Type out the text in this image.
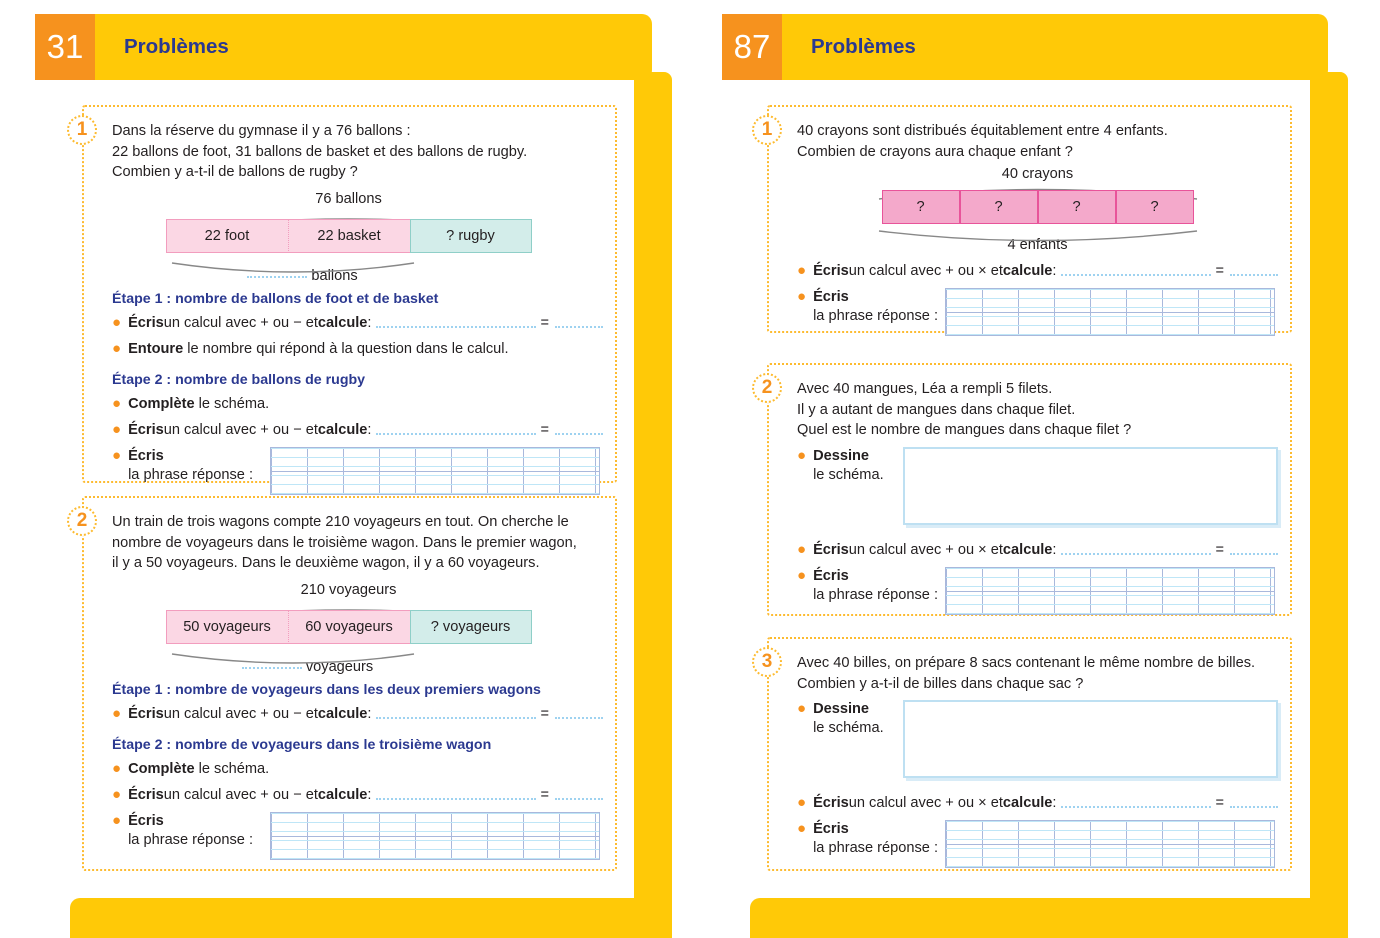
31	Problèmes
1	Dans la réserve du gymnase il y a 76 ballons :
22 ballons de foot, 31 ballons de basket et des ballons de rugby.
Combien y a-t-il de ballons de rugby ?
76 ballons
22 foot	22 basket	? rugby
ballons
Étape 1 : nombre de ballons de foot et de basket
● Écris un calcul avec + ou − et calcule :	=
● Entoure le nombre qui répond à la question dans le calcul.
Étape 2 : nombre de ballons de rugby
● Complète le schéma.
● Écris un calcul avec + ou − et calcule :	=
● Écris
la phrase réponse :
2	Un train de trois wagons compte 210 voyageurs en tout. On cherche le
nombre de voyageurs dans le troisième wagon. Dans le premier wagon,
il y a 50 voyageurs. Dans le deuxième wagon, il y a 60 voyageurs.
210 voyageurs
50 voyageurs	60 voyageurs	? voyageurs
voyageurs
Étape 1 : nombre de voyageurs dans les deux premiers wagons
● Écris un calcul avec + ou − et calcule :	=
Étape 2 : nombre de voyageurs dans le troisième wagon
● Complète le schéma.
● Écris un calcul avec + ou − et calcule :	=
● Écris
la phrase réponse :
87	Problèmes
1	40 crayons sont distribués équitablement entre 4 enfants.
Combien de crayons aura chaque enfant ?
40 crayons
?	?	?	?
4 enfants
● Écris un calcul avec + ou × et calcule :	=
● Écris
la phrase réponse :
2	Avec 40 mangues, Léa a rempli 5 filets.
Il y a autant de mangues dans chaque filet.
Quel est le nombre de mangues dans chaque filet ?
● Dessine
le schéma.
● Écris un calcul avec + ou × et calcule :	=
● Écris
la phrase réponse :
3	Avec 40 billes, on prépare 8 sacs contenant le même nombre de billes.
Combien y a-t-il de billes dans chaque sac ?
● Dessine
le schéma.
● Écris un calcul avec + ou × et calcule :	=
● Écris
la phrase réponse :
